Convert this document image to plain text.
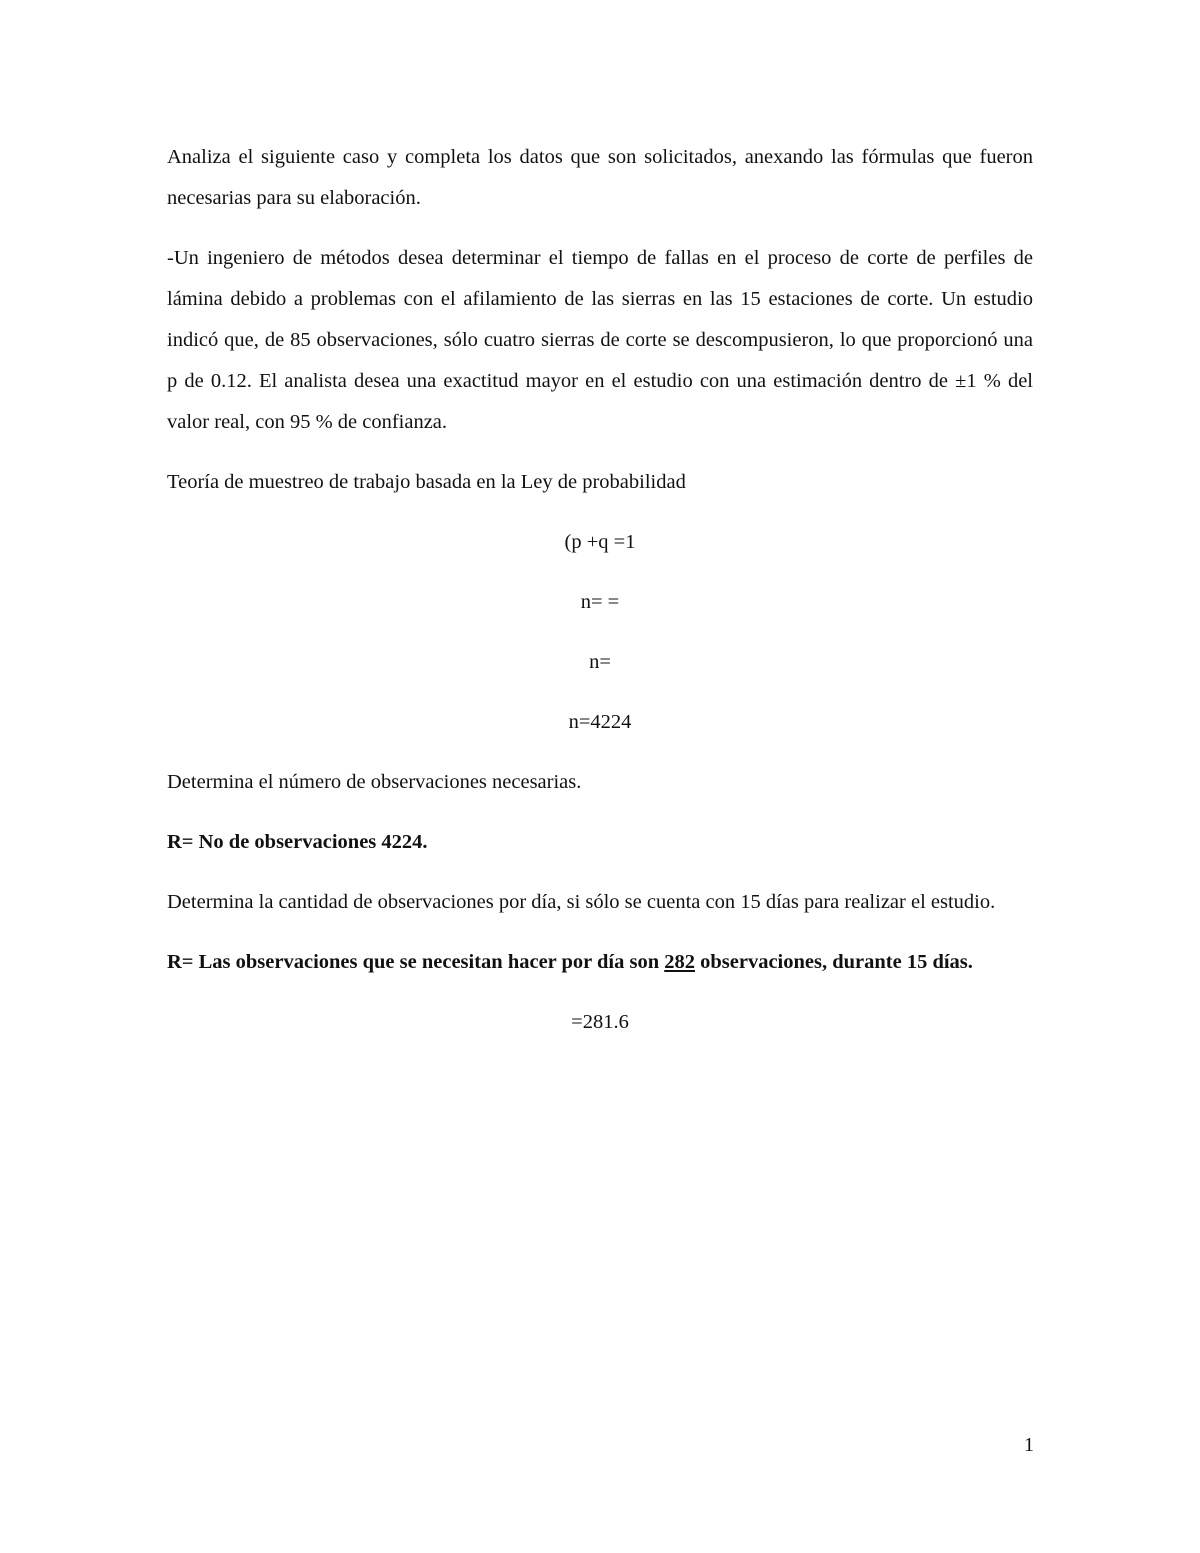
Analiza el siguiente caso y completa los datos que son solicitados, anexando las fórmulas que fueron necesarias para su elaboración.

-Un ingeniero de métodos desea determinar el tiempo de fallas en el proceso de corte de perfiles de lámina debido a problemas con el afilamiento de las sierras en las 15 estaciones de corte. Un estudio indicó que, de 85 observaciones, sólo cuatro sierras de corte se descompusieron, lo que proporcionó una p de 0.12. El analista desea una exactitud mayor en el estudio con una estimación dentro de ±1 % del valor real, con 95 % de confianza.

Teoría de muestreo de trabajo basada en la Ley de probabilidad

(p +q =1

n= =

n=

n=4224

Determina el número de observaciones necesarias.

R= No de observaciones 4224.

Determina la cantidad de observaciones por día, si sólo se cuenta con 15 días para realizar el estudio.

R= Las observaciones que se necesitan hacer por día son 282 observaciones, durante 15 días.

=281.6

1
